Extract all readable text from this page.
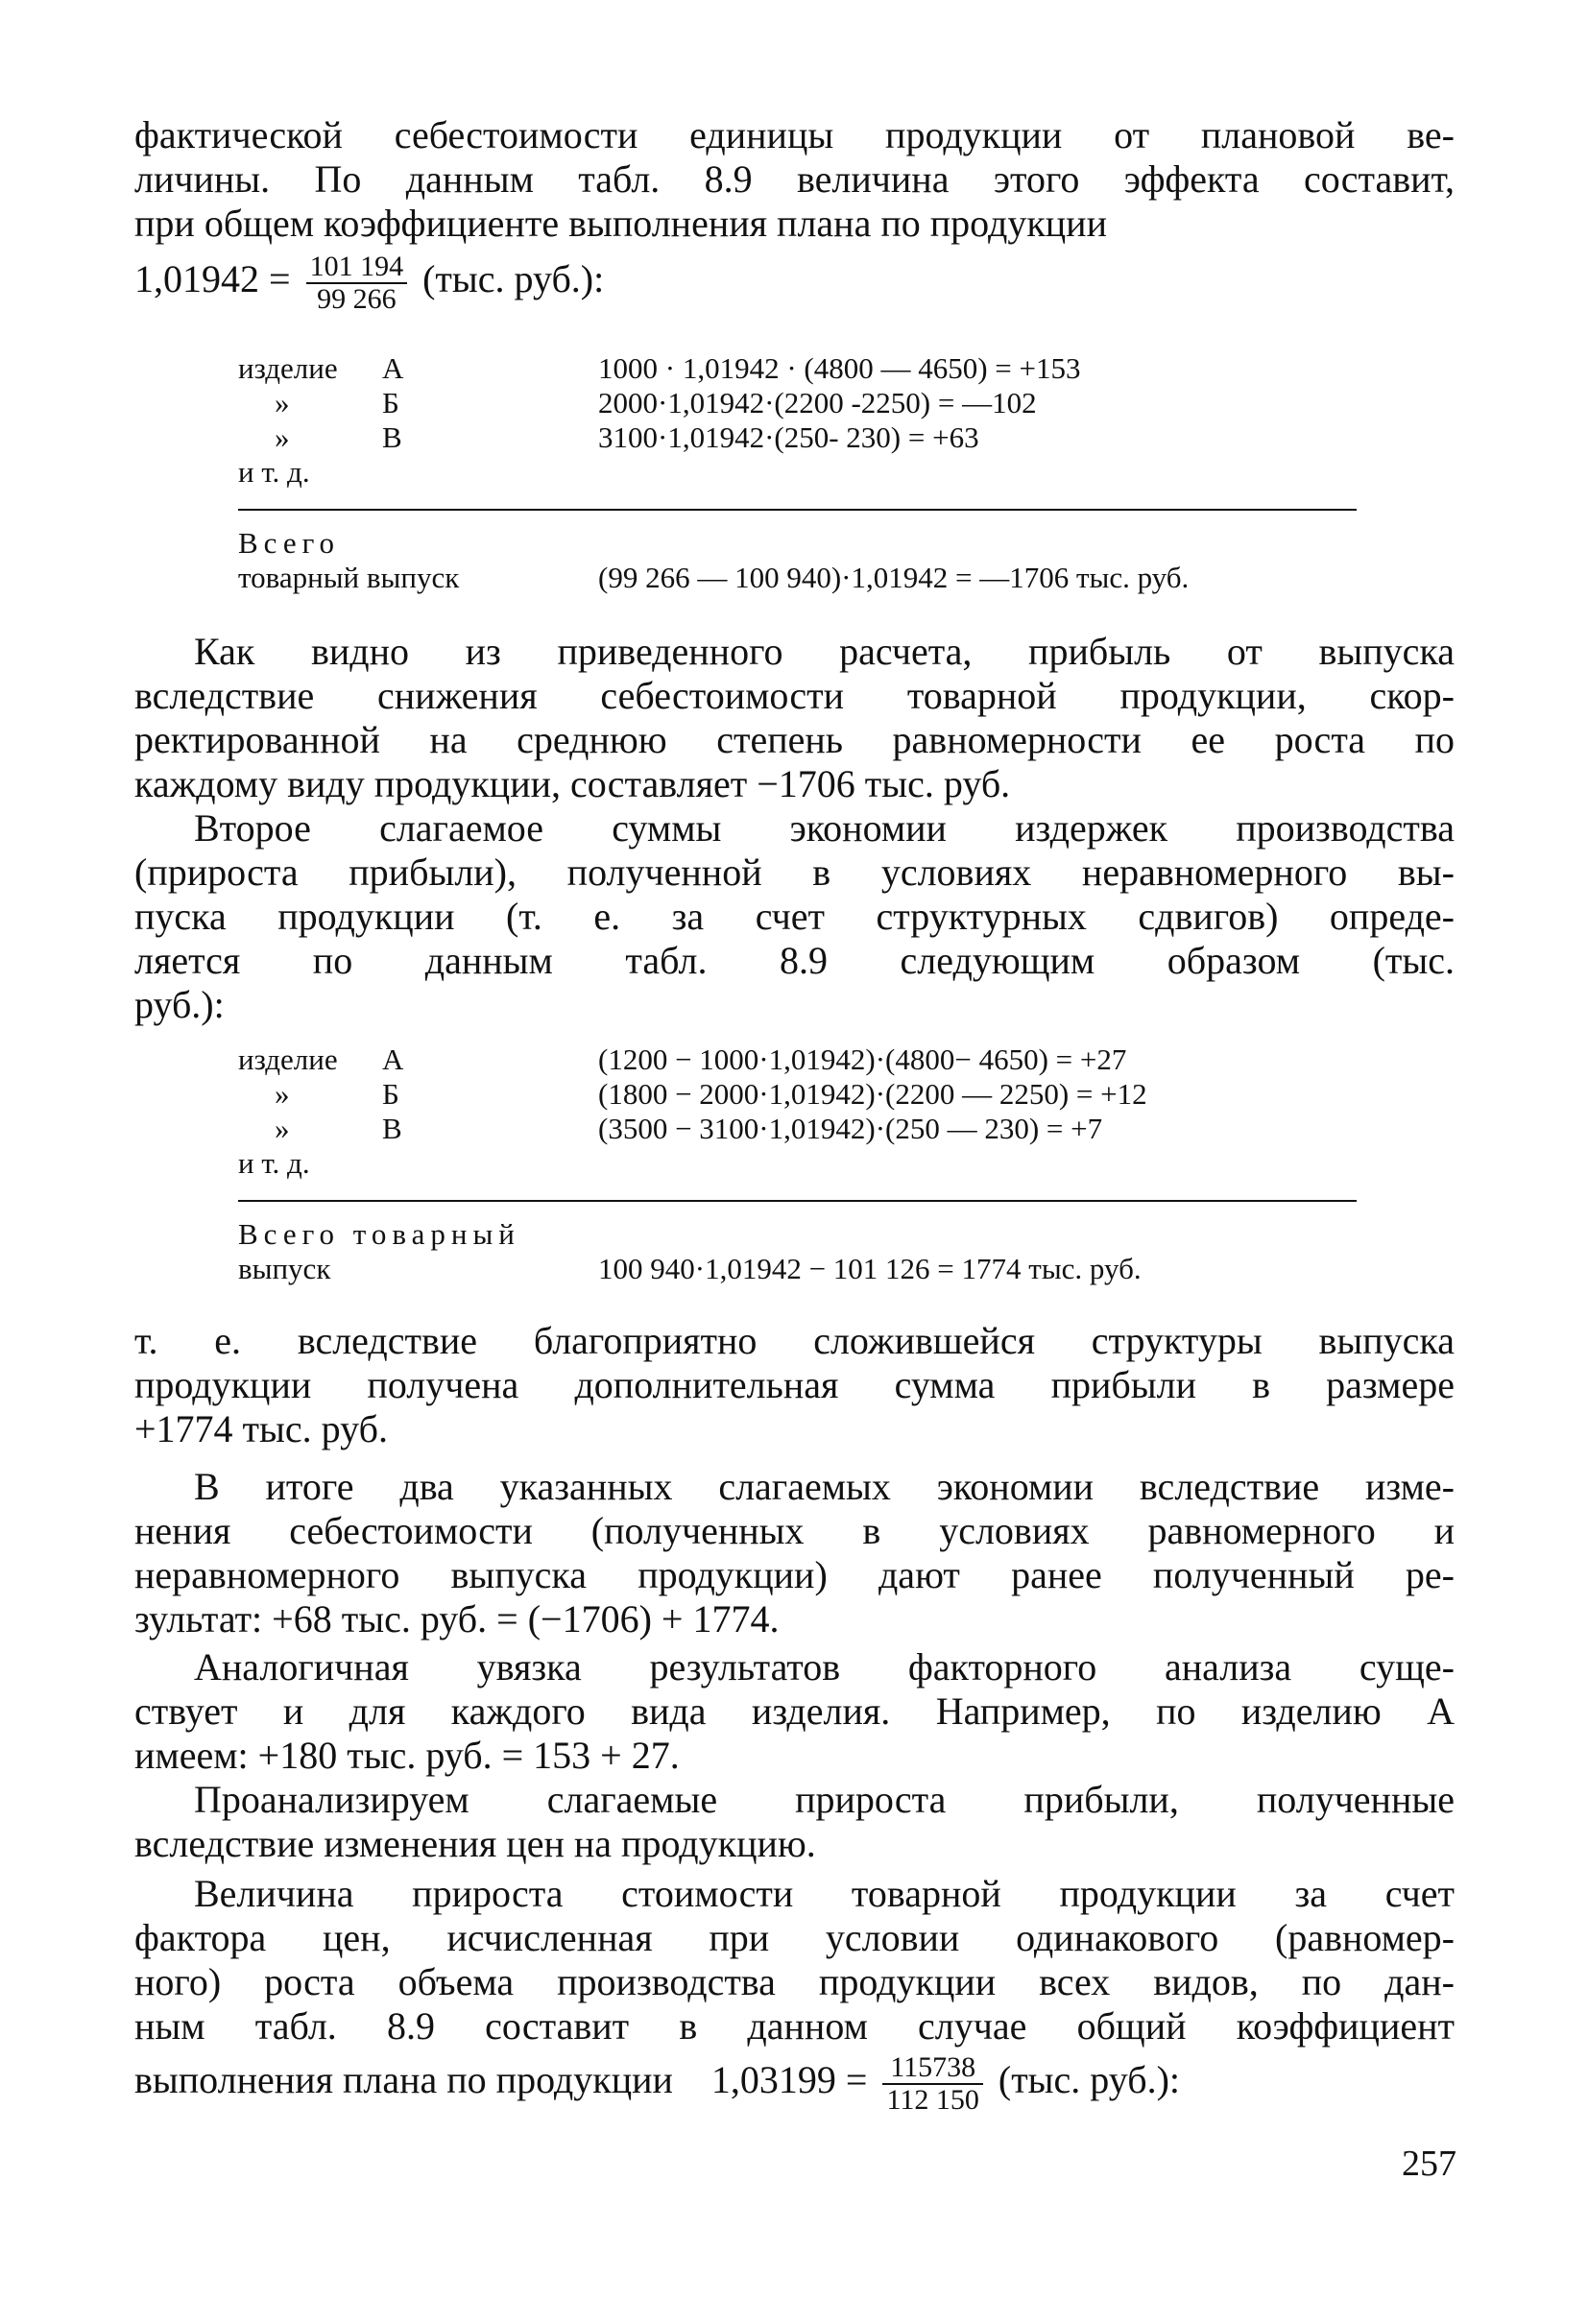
фактической себестоимости единицы продукции от плановой ве-
личины. По данным табл. 8.9 величина этого эффекта составит,
при общем коэффициенте выполнения плана по продукции
$1,01942 = \frac{101 194}{99 266} (тыс$. руб.):
изделие А	1000 · 1,01942 · (4800 — 4650) = +153
»	Б	2000·1,01942·(2200 -2250) = —102
»	В	3100·1,01942·(250- 230) = +63
и т. д.
Всего
товарный выпуск	(99 266 — 100 940)·1,01942 = —1706 тыс. руб.
Как видно из приведенного расчета, прибыль от выпуска
вследствие снижения себестоимости товарной продукции, скор-
ректированной на среднюю степень равномерности ее роста по
каждому виду продукции, составляет −1706 тыс. руб.
Второе слагаемое суммы экономии издержек производства
(прироста прибыли), полученной в условиях неравномерного вы-
пуска продукции (т. е. за счет структурных сдвигов) опреде-
ляется по данным табл. 8.9 следующим образом (тыс.
руб.):
изделие А	(1200 − 1000·1,01942)·(4800− 4650) = +27
»	Б	(1800 − 2000·1,01942)·(2200 — 2250) = +12
»	В	(3500 − 3100·1,01942)·(250 — 230) = +7
и т. д.
Всего товарный
выпуск	100 940·1,01942 − 101 126 = 1774 тыс. руб.
т. е. вследствие благоприятно сложившейся структуры выпуска
продукции получена дополнительная сумма прибыли в размере
+1774 тыс. руб.
В итоге два указанных слагаемых экономии вследствие изме-
нения себестоимости (полученных в условиях равномерного и
неравномерного выпуска продукции) дают ранее полученный ре-
зультат: +68 тыс. руб. = (−1706) + 1774.
Аналогичная увязка результатов факторного анализа суще-
ствует и для каждого вида изделия. Например, по изделию А
имеем: +180 тыс. руб. = 153 + 27.
Проанализируем слагаемые прироста прибыли, полученные
вследствие изменения цен на продукцию.
Величина прироста стоимости товарной продукции за счет
фактора цен, исчисленная при условии одинакового (равномер-
ного) роста объема производства продукции всех видов, по дан-
ным табл. 8.9 составит в данном случае общий коэффициент
выполнения плана по продукции $1,03199 = \frac{115738}{112 150} (тыс$. руб.):
257
